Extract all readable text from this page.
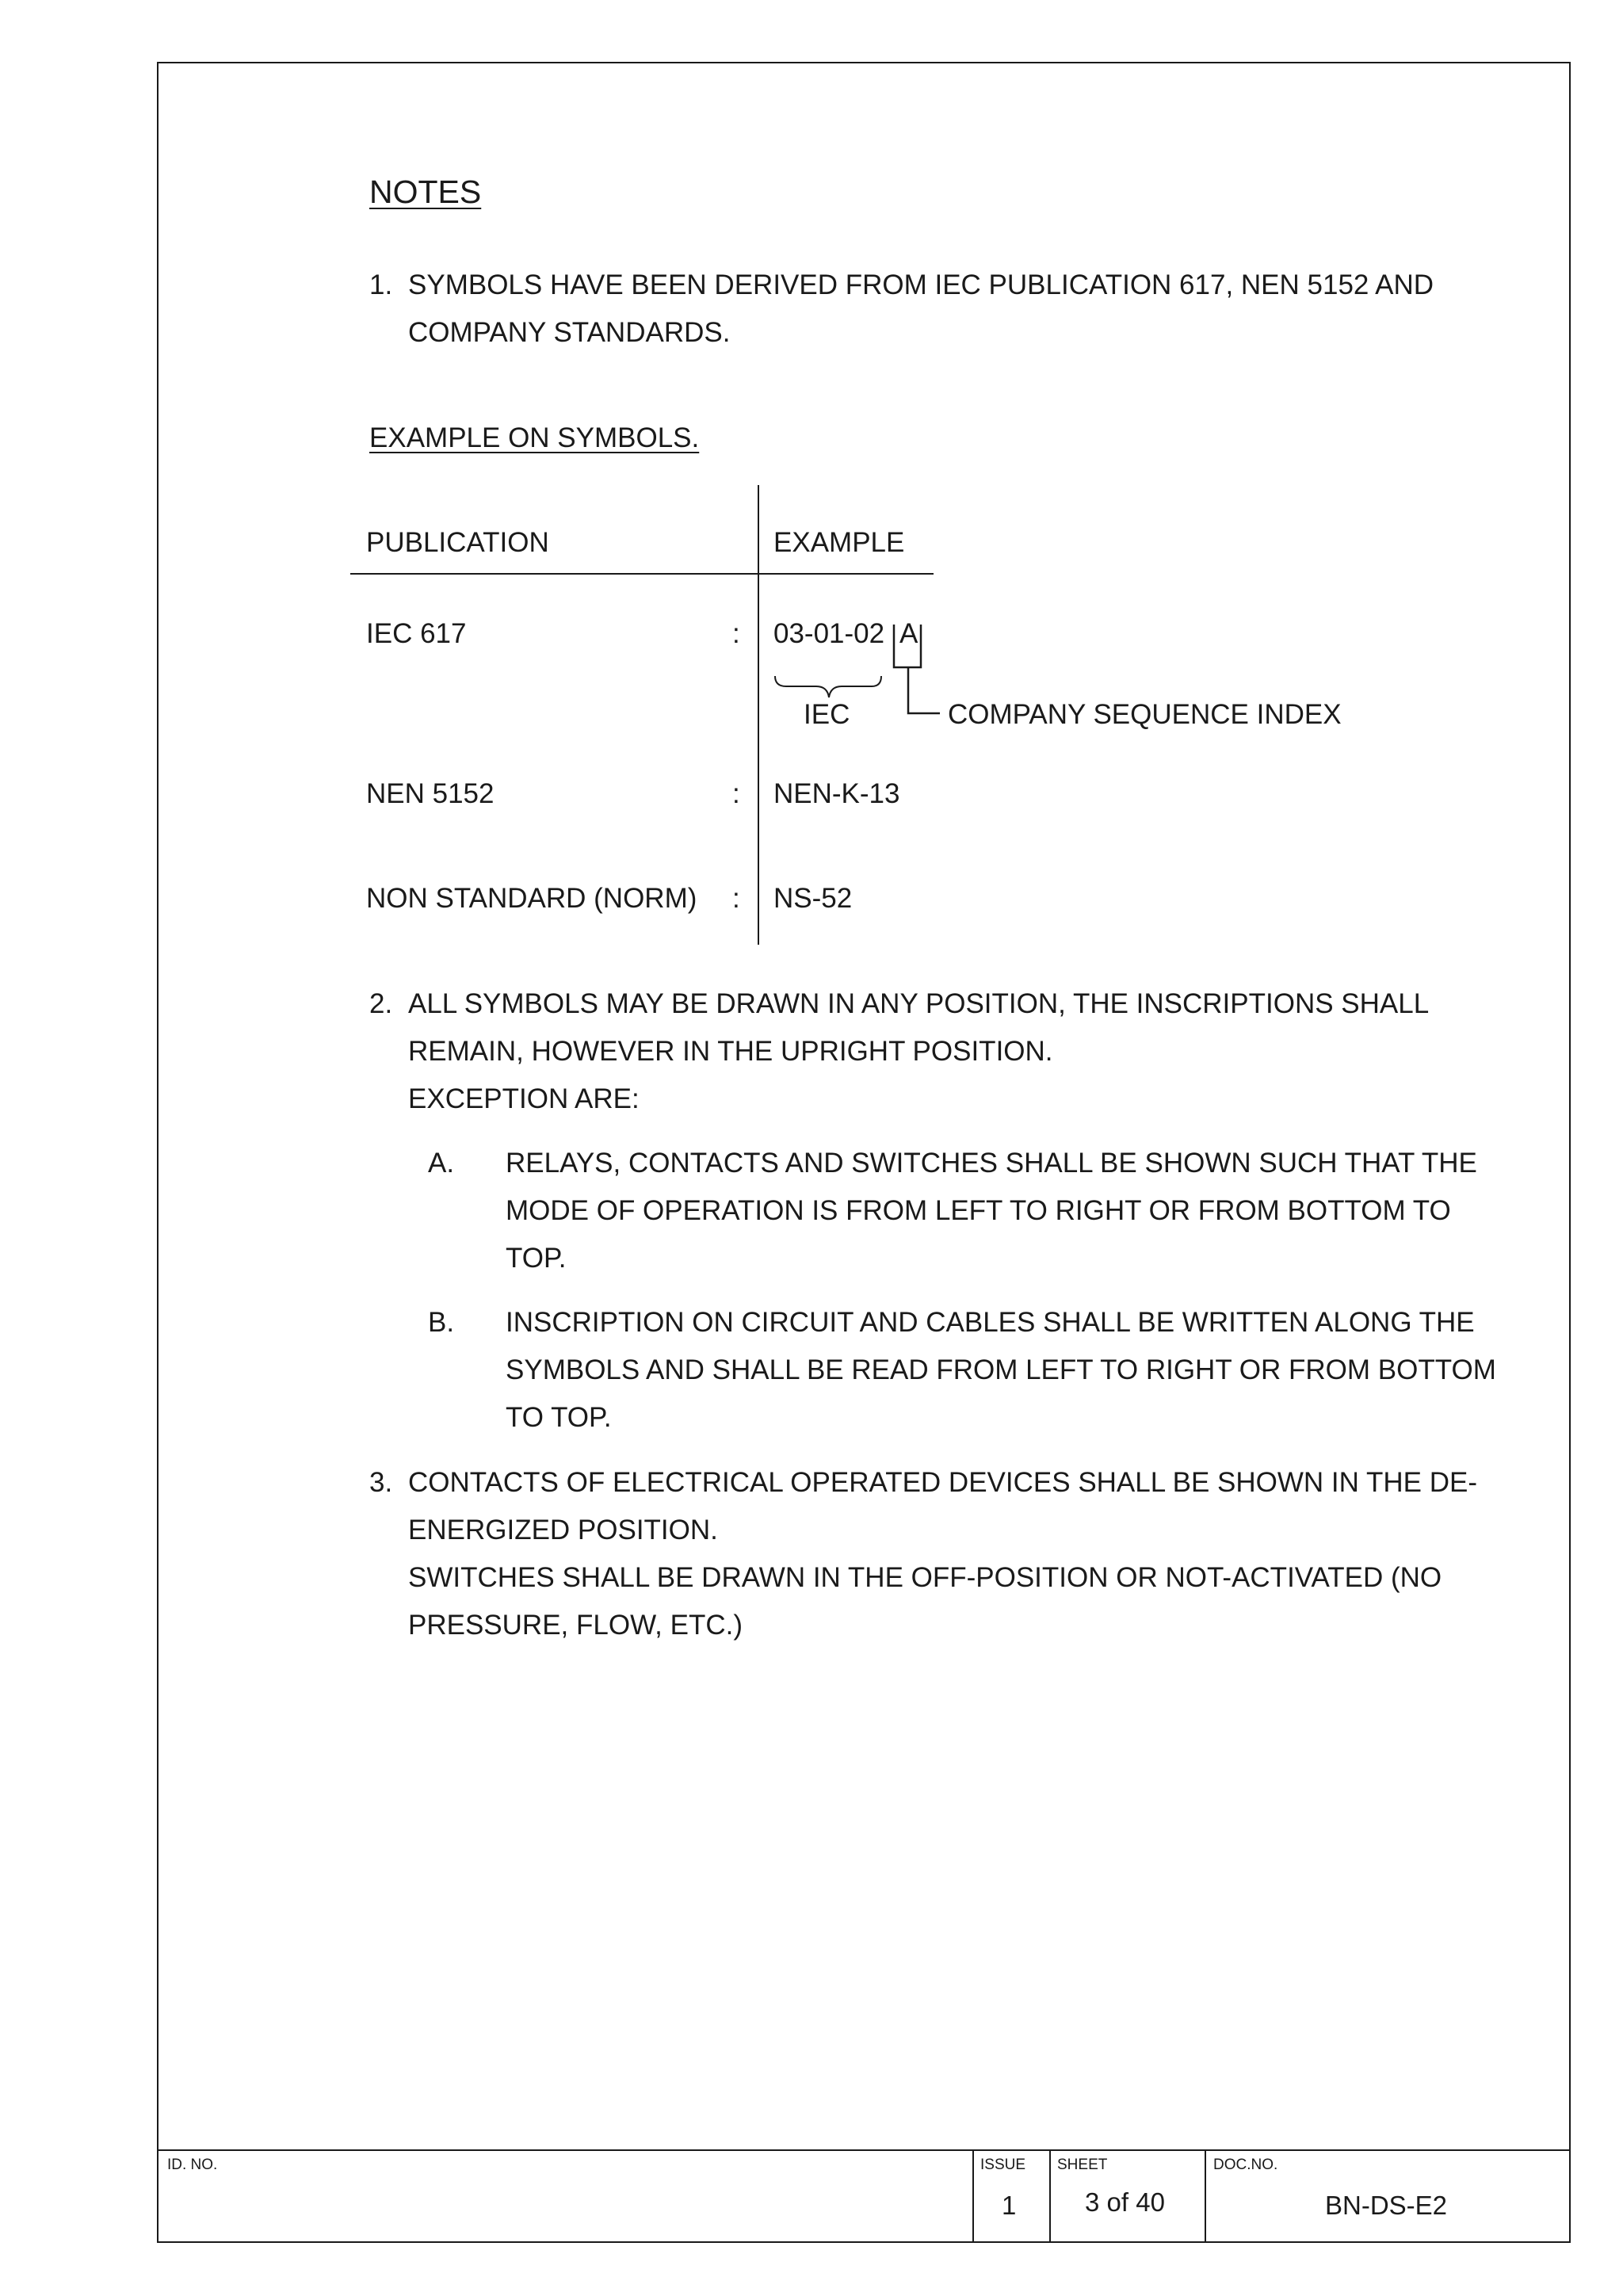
NOTES
1. SYMBOLS HAVE BEEN DERIVED FROM IEC PUBLICATION 617, NEN 5152 AND
COMPANY STANDARDS.
EXAMPLE ON SYMBOLS.
PUBLICATION	EXAMPLE
IEC 617	: 03-01-02 A
IEC	COMPANY SEQUENCE INDEX
NEN 5152	: NEN-K-13
NON STANDARD (NORM) : NS-52
2. ALL SYMBOLS MAY BE DRAWN IN ANY POSITION, THE INSCRIPTIONS SHALL
REMAIN, HOWEVER IN THE UPRIGHT POSITION.
EXCEPTION ARE:
A. RELAYS, CONTACTS AND SWITCHES SHALL BE SHOWN SUCH THAT THE
MODE OF OPERATION IS FROM LEFT TO RIGHT OR FROM BOTTOM TO
TOP.
B. INSCRIPTION ON CIRCUIT AND CABLES SHALL BE WRITTEN ALONG THE
SYMBOLS AND SHALL BE READ FROM LEFT TO RIGHT OR FROM BOTTOM
TO TOP.
3. CONTACTS OF ELECTRICAL OPERATED DEVICES SHALL BE SHOWN IN THE DE-
ENERGIZED POSITION.
SWITCHES SHALL BE DRAWN IN THE OFF-POSITION OR NOT-ACTIVATED (NO
PRESSURE, FLOW, ETC.)
ID. NO.	ISSUE SHEET	DOC.NO.
1	3 of 40	BN-DS-E2
